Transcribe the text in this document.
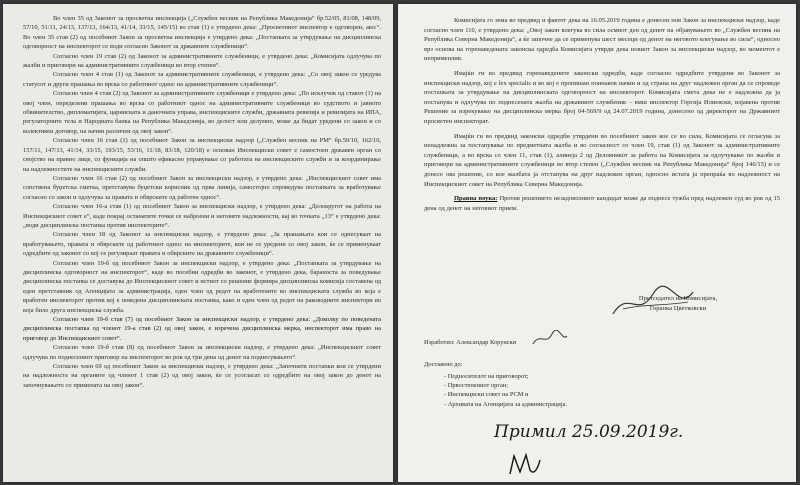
Во член 35 од Законот за просветна инспекција („Службен весник на Република Македонија“ бр.52/05, 81/08, 148/09, 57/10, 51/11, 24/13, 137/13, 164/13, 41/14, 33/15, 145/15) во став (1) е утврдено дека: „Просветниот инспектор е одговорен, ако:“. Во член 35 став (2) од посебниот Закон за просветна инспекција е утврдено дека: „Постапката за утврдување на дисциплинска одговорност на инспекторот се води согласно Законот за државните службеници“.

Согласно член 19 став (2) од Законот за административните службеници, е утврдено дека: „Комисијата одлучува по жалби и приговори на административните службеници во втор степен“.

Согласно член 4 став (1) од Законот за административните службеници, е утврдено дека: „Со овој закон се уредува статусот и други прашања во врска со работниот однос на административните службеници“.

Согласно член 4 став (2) од Законот за административните службеници е утврдено дека: „По исклучок од ставот (1) на овој член, определени прашања во врска со работниот однос на административните службеници во судството и јавното обвинителство, дипломатијата, царинската и даночната управа, инспекциските служби, државната ревизија и ревизијата на ИПА, регулаторните тела и Народната банка на Република Македонија, во делост или делумно, може да бидат уредени со закон и со колективен договор, на начин различен од овој закон“.

Согласно член 16 став (1) од посебниот Закон за инспекциски надзор („Службен весник на РМ“ бр.50/10, 162/10, 157/11, 147/13, 41/14, 33/15, 193/15, 53/16, 11/18, 83/18, 120/18) е основан Инспекциски совет е самостоен државен орган со својство на правно лице, со функција на општо ефикасно управување со работата на инспекциските служби и за координирање на надлежностите на инспекциските служби.

Согласно член 16 став (2) од посебниот Закон за инспекциски надзор, е утврдено дека: „Инспекцискиот совет има сопствена буџетска сметка, претставува буџетски корисник од прва линија, самостојно спроведува постапката за вработување согласно со закон и одлучува за правата и обврските од работен однос“.

Согласно член 16-а став (1) од посебниот Закон за инспекциски надзор, е утврдено дека: „Делокругот на работа на Инспекцискиот совет е“, каде покрај останатите точки се наброени и неговите надлежности, кај во точката „13“ е утврдено дека: „води дисциплинска постапка против инспекторите“.

Согласно член 18 од Законот за инспекциски надзор, е утврдено дека: „За прашањата кои се однесуваат на вработувањето, правата и обврските од работниот однос на инспекторите, кои не се уредени со овој закон, ќе се применуваат одредбите од законот со кој се регулираат правата и обврските на државните службеници“.

Согласно член 19-б од посебниот Закон за инспекциски надзор, е утврдено дека: „Постапката за утврдување на дисциплинска одговорност на инспекторот“, каде во посебни одредби во законот, е утврдено дека, бараноста за поведување дисциплинска постапка се доставува до Инспекцискиот совет и истиот со решение формира дисциплинска комисија составена од еден претставник од Агенцијата за администрација, еден член од редот на вработените во инспекциската служба во која е вработен инспекторот против кој е поведена дисциплинската постапка, како и еден член од редот на раководните инспектори во која било друга инспекциска служба.

Согласно член 19-б став (7) од посебниот Закон за инспекциски надзор, е утврдено дека: „Доколку по поведената дисциплинска постапка од членот 19-а став (2) од овој закон, е изречена дисциплинска мерка, инспекторот има право на приговор до Инспекцискиот совет“.

Согласно член 19-б став (8) од посебниот Закон за инспекциски надзор, е утврдено дека: „Инспекцискиот совет одлучува по поднесениот приговор на инспекторот во рок од три дена од денот на поднесувањето“.

Согласно член 69 од посебниот Закон за инспекциски надзор, е утврдено дека: „Започнати постапки кои се утврдени на надлежноста на органите од членот 1 став (2) од овој закон, ќе се усогласат со одредбите на овој закон до денот на започнувањето со примената на овој закон“.

Комисијата го зема во предвид и фактот дека на 16.05.2019 година е донесен нов Закон за инспекциски надзор, каде согласно член 110, е утврдено дека: „Овој закон влегува во сила осмиот ден од денот на објавувањето во „Службен весник на Република Северна Македонија“, а ќе започне да се применува шест месеци од денот на неговото влегување во сила“, односно врз основа на горенаведената законска одредба Комисијата утврди дека новиот Закон за инспекциски надзор, во моментот е неприменлив.

Имајќи ги во предвид горенаведените законски одредби, каде согласно одредбите утврдени во Законот за инспекциски надзор, кој е lex specialis и во кој е пропишан поинаков начин и од страна на друг надлежен орган да се спроведе постапката за утврдување на дисциплинската одговорност на инспекторот. Комисијата смета дека не е надлежна да ја постапува и одлучува по поднесената жалба на државниот службеник – вмш инспектор Горгија Илиевски, изјавена против Решение за изрекување на дисциплинска мерка број 04-569/9 од 24.07.2019 година, донесено од директорот на Државниот просветен инспекторат.

Имајќи ги во предвид законски одредби утврдени во посебниот закон кое се во сила, Комисијата се огласува за ненадлежна за постапување по предметната жалба и во согласност со член 19, став (1) од Законот за административните службеници, а во врска со член 11, став (1), алинеја 2 од Деловникот за работа на Комисијата за одлучување по жалби и приговори на административните службеници во втор степен („Службен весник на Република Македонија“ број 146/15) и се донесе ова решение, со кое жалбата ја отстапува на друг надлежен орган, односно истата ја препраќа во надлежност на Инспекцискиот совет на Република Северна Македонија.

Правна поука: Против решението незадоволниот кандидат може да поднесе тужба пред надлежен суд во рок од 15 дена од денот на неговиот прием.

Претседател на Комисијата,
Горанка Цветковски
Изработил: Александар Корунски
Доставено до:
- Подносителот на приговорот;
- Првостепениот орган;
- Инспекциски совет на РСМ и
- Архивата на Агенцијата за администрација.
Примил 25.09.2019г.
